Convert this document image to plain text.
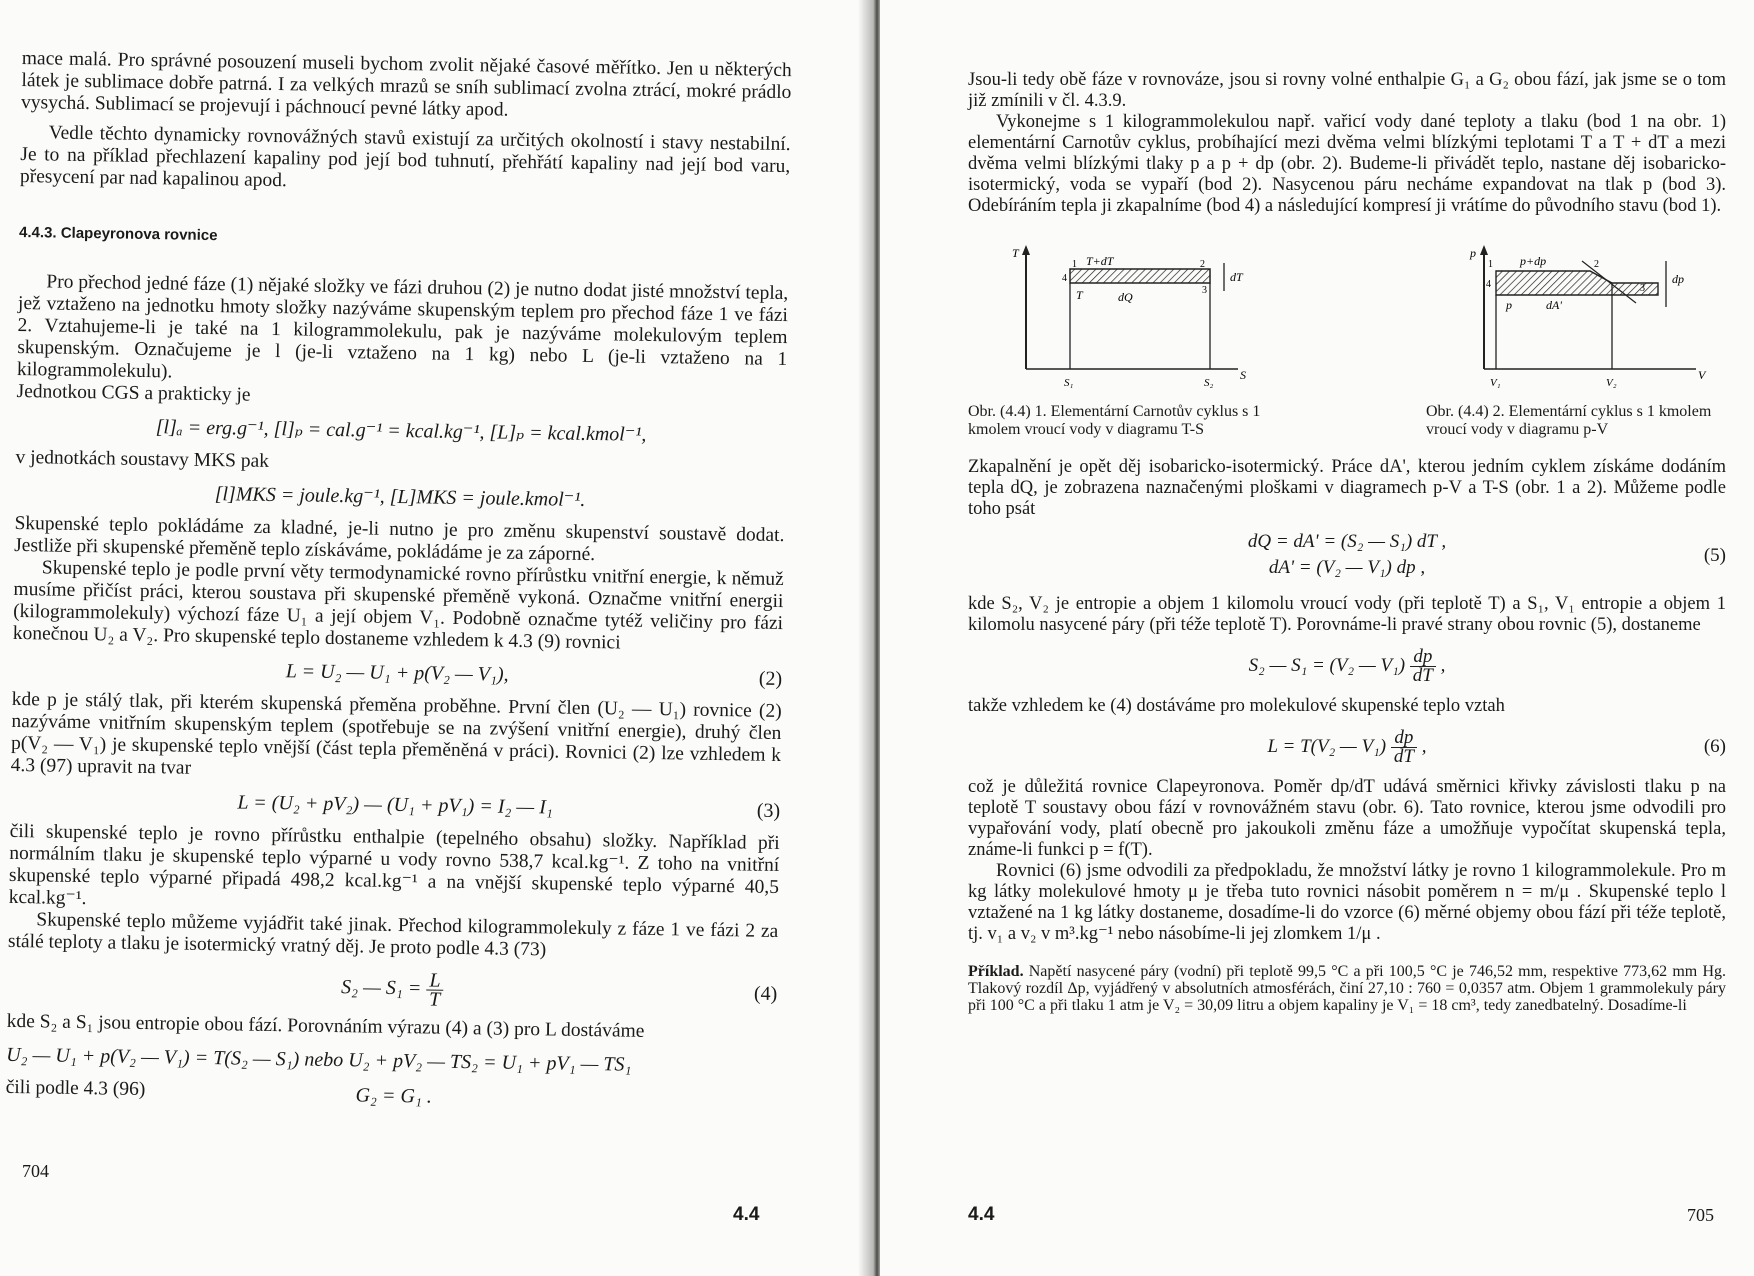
mace malá. Pro správné posouzení museli bychom zvolit nějaké časové měřítko. Jen u některých látek je sublimace dobře patrná. I za velkých mrazů se sníh sublimací zvolna ztrácí, mokré prádlo vysychá. Sublimací se projevují i páchnoucí pevné látky apod.

Vedle těchto dynamicky rovnovážných stavů existují za určitých okolností i stavy nestabilní. Je to na příklad přechlazení kapaliny pod její bod tuhnutí, přehřátí kapaliny nad její bod varu, přesycení par nad kapalinou apod.

4.4.3. Clapeyronova rovnice

Pro přechod jedné fáze (1) nějaké složky ve fázi druhou (2) je nutno dodat jisté množství tepla, jež vztaženo na jednotku hmoty složky nazýváme skupenským teplem pro přechod fáze 1 ve fázi 2. Vztahujeme-li je také na 1 kilogrammolekulu, pak je nazýváme molekulovým teplem skupenským. Označujeme je l (je-li vztaženo na 1 kg) nebo L (je-li vztaženo na 1 kilogrammolekulu).

Jednotkou CGS a prakticky je

[l]ₐ = erg.g⁻¹, [l]ₚ = cal.g⁻¹ = kcal.kg⁻¹, [L]ₚ = kcal.kmol⁻¹,

v jednotkách soustavy MKS pak

[l]MKS = joule.kg⁻¹, [L]MKS = joule.kmol⁻¹.

Skupenské teplo pokládáme za kladné, je-li nutno je pro změnu skupenství soustavě dodat. Jestliže při skupenské přeměně teplo získáváme, pokládáme je za záporné.

Skupenské teplo je podle první věty termodynamické rovno přírůstku vnitřní energie, k němuž musíme přičíst práci, kterou soustava při skupenské přeměně vykoná. Označme vnitřní energii (kilogrammolekuly) výchozí fáze U₁ a její objem V₁. Podobně označme tytéž veličiny pro fázi konečnou U₂ a V₂. Pro skupenské teplo dostaneme vzhledem k 4.3 (9) rovnici

L = U₂ — U₁ + p(V₂ — V₁),	(2)

kde p je stálý tlak, při kterém skupenská přeměna proběhne. První člen (U₂ — U₁) rovnice (2) nazýváme vnitřním skupenským teplem (spotřebuje se na zvýšení vnitřní energie), druhý člen p(V₂ — V₁) je skupenské teplo vnější (část tepla přeměněná v práci). Rovnici (2) lze vzhledem k 4.3 (97) upravit na tvar

L = (U₂ + pV₂) — (U₁ + pV₁) = I₂ — I₁	(3)

čili skupenské teplo je rovno přírůstku enthalpie (tepelného obsahu) složky. Například při normálním tlaku je skupenské teplo výparné u vody rovno 538,7 kcal.kg⁻¹. Z toho na vnitřní skupenské teplo výparné připadá 498,2 kcal.kg⁻¹ a na vnější skupenské teplo výparné 40,5 kcal.kg⁻¹.

Skupenské teplo můžeme vyjádřit také jinak. Přechod kilogrammolekuly z fáze 1 ve fázi 2 za stálé teploty a tlaku je isotermický vratný děj. Je proto podle 4.3 (73)

S₂ — $S_1 = \frac{L}{T}$	(4)

kde S₂ a S₁ jsou entropie obou fází. Porovnáním výrazu (4) a (3) pro L dostáváme

U₂ — U₁ + p(V₂ — V₁) = T(S₂ — S₁) nebo U₂ + pV₂ — TS₂ = U₁ + pV₁ — TS₁

čili podle 4.3 (96)	G₂ = G₁ .
704
4.4

Jsou-li tedy obě fáze v rovnováze, jsou si rovny volné enthalpie G₁ a G₂ obou fází, jak jsme se o tom již zmínili v čl. 4.3.9.

Vykonejme s 1 kilogrammolekulou např. vařicí vody dané teploty a tlaku (bod 1 na obr. 1) elementární Carnotův cyklus, probíhající mezi dvěma velmi blízkými teplotami T a T + dT a mezi dvěma velmi blízkými tlaky p a p + dp (obr. 2). Budeme-li přivádět teplo, nastane děj isobaricko-isotermický, voda se vypaří (bod 2). Nasycenou páru necháme expandovat na tlak p (bod 3). Odebíráním tepla ji zkapalníme (bod 4) a následující kompresí ji vrátíme do původního stavu (bod 1).

T
S
T+dT
T	dQ
dT
S₁	S₂
1	2
3
4
Obr. (4.4) 1. Elementární Carnotův cyklus s 1 kmolem vroucí vody v diagramu T-S
p
V
p+dp
p	dA'
dp
V₁	V₂
1	2
3
4
Obr. (4.4) 2. Elementární cyklus s 1 kmolem vroucí vody v diagramu p-V

Zkapalnění je opět děj isobaricko-isotermický. Práce dA', kterou jedním cyklem získáme dodáním tepla dQ, je zobrazena naznačenými ploškami v diagramech p-V a T-S (obr. 1 a 2). Můžeme podle toho psát

dQ = dA' = (S₂ — S₁) dT ,
dA' = (V₂ — V₁) dp ,
(5)

kde S₂, V₂ je entropie a objem 1 kilomolu vroucí vody (při teplotě T) a S₁, V₁ entropie a objem 1 kilomolu nasycené páry (při téže teplotě T). Porovnáme-li pravé strany obou rovnic (5), dostaneme

S₂ — S₁ = (V₂ — $V_1) \frac{dp}{dT}$ ,

takže vzhledem ke (4) dostáváme pro molekulové skupenské teplo vztah

L = T(V₂ — $V_1) \frac{dp}{dT}$ ,	(6)

což je důležitá rovnice Clapeyronova. Poměr dp/dT udává směrnici křivky závislosti tlaku p na teplotě T soustavy obou fází v rovnovážném stavu (obr. 6). Tato rovnice, kterou jsme odvodili pro vypařování vody, platí obecně pro jakoukoli změnu fáze a umožňuje vypočítat skupenská tepla, známe-li funkci p = f(T).

Rovnici (6) jsme odvodili za předpokladu, že množství látky je rovno 1 kilogrammolekule. Pro m kg látky molekulové hmoty μ je třeba tuto rovnici násobit poměrem n = m/μ . Skupenské teplo l vztažené na 1 kg látky dostaneme, dosadíme-li do vzorce (6) měrné objemy obou fází při téže teplotě, tj. v₁ a v₂ v m³.kg⁻¹ nebo násobíme-li jej zlomkem 1/μ .

Příklad. Napětí nasycené páry (vodní) při teplotě 99,5 °C a při 100,5 °C je 746,52 mm, respektive 773,62 mm Hg. Tlakový rozdíl Δp, vyjádřený v absolutních atmosférách, činí 27,10 : 760 = 0,0357 atm. Objem 1 grammolekuly páry při 100 °C a při tlaku 1 atm je V₂ = 30,09 litru a objem kapaliny je V₁ = 18 cm³, tedy zanedbatelný. Dosadíme-li

4.4	705
